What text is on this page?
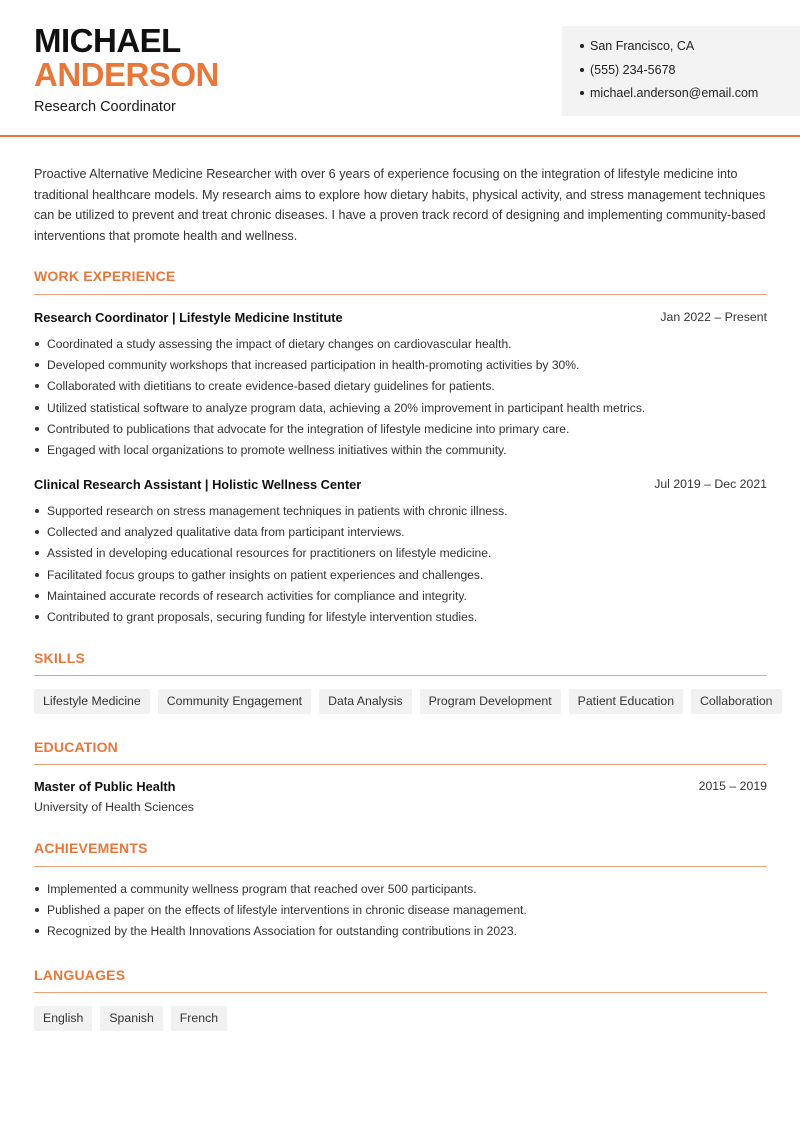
MICHAEL
ANDERSON
Research Coordinator
San Francisco, CA
(555) 234-5678
michael.anderson@email.com

Proactive Alternative Medicine Researcher with over 6 years of experience focusing on the integration of lifestyle medicine into traditional healthcare models. My research aims to explore how dietary habits, physical activity, and stress management techniques can be utilized to prevent and treat chronic diseases. I have a proven track record of designing and implementing community-based interventions that promote health and wellness.

WORK EXPERIENCE
Research Coordinator | Lifestyle Medicine Institute	Jan 2022 – Present
Coordinated a study assessing the impact of dietary changes on cardiovascular health.
Developed community workshops that increased participation in health-promoting activities by 30%.
Collaborated with dietitians to create evidence-based dietary guidelines for patients.
Utilized statistical software to analyze program data, achieving a 20% improvement in participant health metrics.
Contributed to publications that advocate for the integration of lifestyle medicine into primary care.
Engaged with local organizations to promote wellness initiatives within the community.
Clinical Research Assistant | Holistic Wellness Center	Jul 2019 – Dec 2021
Supported research on stress management techniques in patients with chronic illness.
Collected and analyzed qualitative data from participant interviews.
Assisted in developing educational resources for practitioners on lifestyle medicine.
Facilitated focus groups to gather insights on patient experiences and challenges.
Maintained accurate records of research activities for compliance and integrity.
Contributed to grant proposals, securing funding for lifestyle intervention studies.
SKILLS
Lifestyle Medicine	Community Engagement	Data Analysis	Program Development	Patient Education	Collaboration
EDUCATION
Master of Public Health	2015 – 2019
University of Health Sciences
ACHIEVEMENTS
Implemented a community wellness program that reached over 500 participants.
Published a paper on the effects of lifestyle interventions in chronic disease management.
Recognized by the Health Innovations Association for outstanding contributions in 2023.
LANGUAGES
English	Spanish	French
